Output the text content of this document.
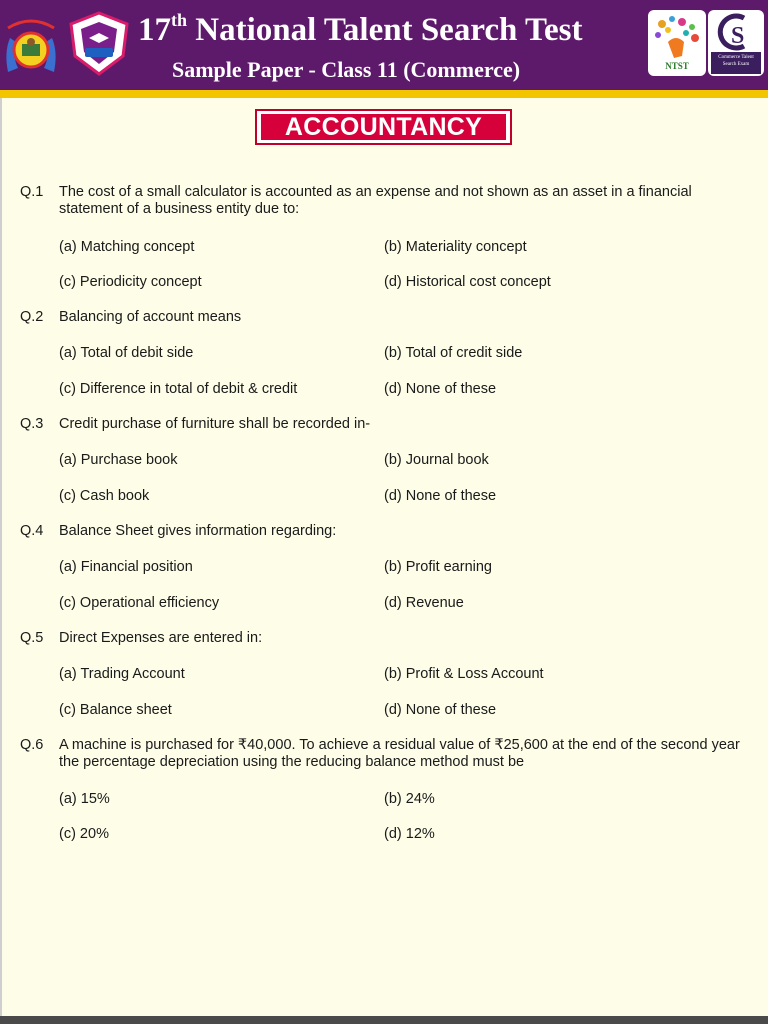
17th National Talent Search Test
Sample Paper - Class 11 (Commerce)	NTST
S
Commerce Talent Search Exam
ACCOUNTANCY
Q.1 The cost of a small calculator is accounted as an expense and not shown as an asset in a financial statement of a business entity due to:
(a) Matching concept	(b) Materiality concept
(c) Periodicity concept	(d) Historical cost concept
Q.2 Balancing of account means
(a) Total of debit side	(b) Total of credit side
(c) Difference in total of debit & credit	(d) None of these
Q.3 Credit purchase of furniture shall be recorded in-
(a) Purchase book	(b) Journal book
(c) Cash book	(d) None of these
Q.4 Balance Sheet gives information regarding:
(a) Financial position	(b) Profit earning
(c) Operational efficiency	(d) Revenue
Q.5 Direct Expenses are entered in:
(a) Trading Account	(b) Profit & Loss Account
(c) Balance sheet	(d) None of these
Q.6 A machine is purchased for ₹40,000. To achieve a residual value of ₹25,600 at the end of the second year the percentage depreciation using the reducing balance method must be
(a) 15%	(b) 24%
(c) 20%	(d) 12%
